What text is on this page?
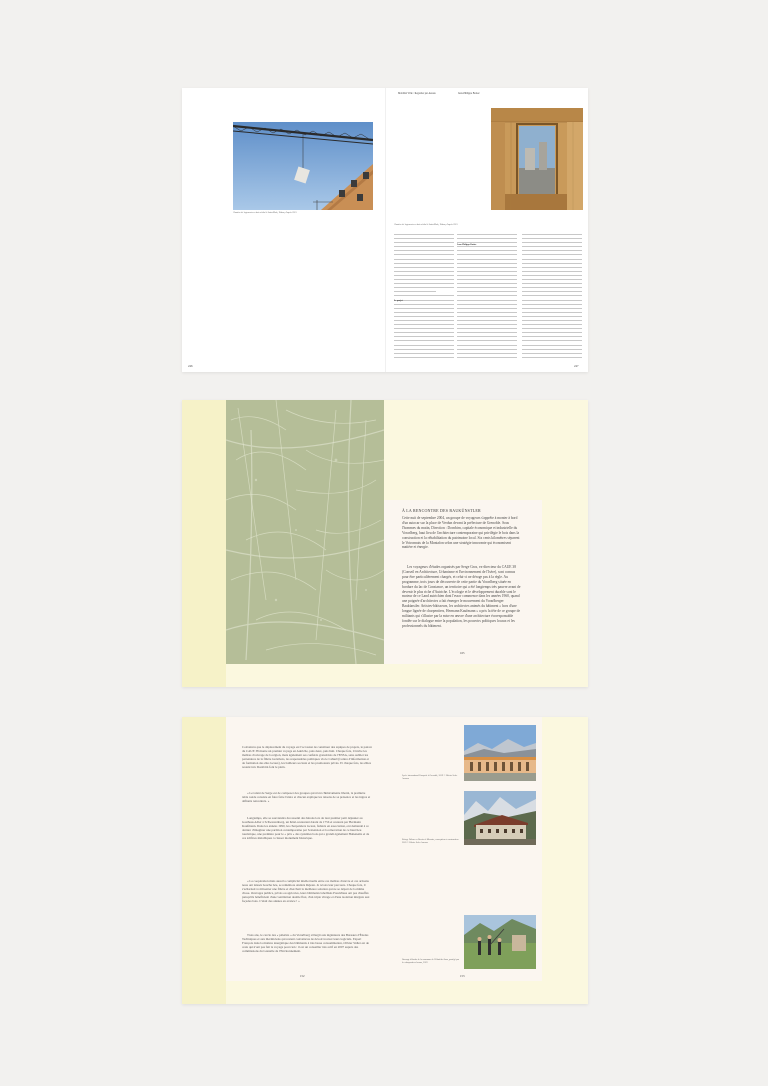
Chantier de logements en bois réalisé à Saint-Malo, Hakan, d'après 2021
Chantier de logements en bois réalisé à Saint-Malo, Hakan, d'après 2021
Mobilité Ville : Regarder par-dessus	Jean-Philippe Bottez
Le projet
Jean-Philippe Bottez
246	247
À LA RENCONTRE DES BAUKÜNSTLER
Cette nuit de septembre 2004, un groupe de voyageurs s'apprête à monter à bord d'un autocar sur la place de Verdun devant la préfecture de Grenoble. Sous l'hommes du matin, Direction : Dornbirn, capitale économique et industrielle du Vorarlberg, haut lieu de l'architecture contemporaine qui privilégie le bois dans la construction et la réhabilitation du patrimoine local. Six cents kilomètres séparent le Voironnais de la Montafon selon une stratégie innovante qui économisent matière et énergie.
Les voyageurs d'études organisés par Serge Gros, ex-directeur du CAUE 38 (Conseil en Architecture, Urbanisme et Environnement de l'Isère), sont connus pour être particulièrement chargés, et celui-ci ne déroge pas à la règle. Au programme, trois jours de découverte de cette partie du Vorarlberg située en bordure du lac de Constance, un territoire qui a été longtemps très pauvre avant de devenir le plus riche d'Autriche. L'écologie et le développement durable sont le moteur de ce Land autrichien dont l'essor commence dans les années 1960, quand une poignée d'architectes a fait émerger le mouvement du Vorarlberger Baukünstler. Artistes-bâtisseurs, les architectes animés du bâtiment « hors d'une longue lignée de charpentiers, Hermann Kaufmann » a pris la tête de ce groupe de militants qui s'illustre par la mise en œuvre d'une architecture écoresponsable fondée sur le dialogue entre la population, les pouvoirs politiques locaux et les professionnels du bâtiment.
165
Convaincu que le déplacement du voyage est l'occasion de constituer des équipes de projets, le patron du CAUE 38 monte un premier voyage en Autriche, puis deux, puis huit. Chaque fois, il invite les maîtres d'ouvrage de la région, mais également ses conférés grenoblois de l'ENSA, sans oublier les partenaires de la filière Grésibois, les responsables politiques via le Cahuël (Centre d'information et de formation des élus locaux), les bailleurs sociaux et les promoteurs privés. Et chaque fois, les élites restent très Dornbirn font le plein.
« Le talent de Serge est de composer des groupes qui n'ont chimicamente liberté, la première table ronde consiste en faire faire l'entre et chacun explique les raisons de sa présence et les ingres et défiants rencontrés. »
Longtemps, elle se souviendra du ressenti des hérons lors de leur premier petit déjeuner au Gasthaus Adler à Schwarzenberg, un hôtel-restaurant datant de 1756 et restauré par Hermann Kaufmann. Dans les années 1990, les charpentiers locaux, fédérés en association, ont demandé à ce dernier d'imaginer une partition contemporaine par l'extension et la rénovation de ce haut lieu touristique, une première pour le « prix » des systèmes bois qui a grandi également Hohenems et de ces édifices métalliques à classer monument historique.
« La coopération mais aussi la complicité intellectuelle entre ces maîtres d'œuvre et ces artisans nous ont laissés bouche bée, se remémore Andréa Réjean. Je revois leur parcours. Chaque fois, il s'acharnait à réinventer une filière et cherchait la meilleure solution qui ne se départ de la même chose. Ouvrages publics, privés ou agricoles, leurs bâtiments labellisés Passivhaus ont pas chauffés puisqu'ils bénéficient d'une ventilation double flux, d'un triple vitrage et d'une isolation intégrée aux façades bois. C'était des années en avance ! »
Trois ans, le cercle des « pèlerins » du Vorarlberg s'élargit aux ingénieurs des Bureaux d'Études Techniques et aux thermiciens qui restent convaincus de devoir trouver leurs logiciels. Expert François dans la matière énergétique des bâtiments à très basse consommation, Olivier Sidler est de ceux qui n'ont pas fait le voyage pour rien : il est un conseiller très actif en 2007 auprès des commissions du Grenelle de l'Environnement.
Lycée international Europole à Grenoble, 2019 © Olivier Soler Amoros
Refuge Drôme en Berrien à Moussio, conception et construction 2020 © Olivier Soler Amoros
Ouvrage d'études de la commune de Villard-de-Lans, protégé par les charpentiers locaux, 2019
152	153
